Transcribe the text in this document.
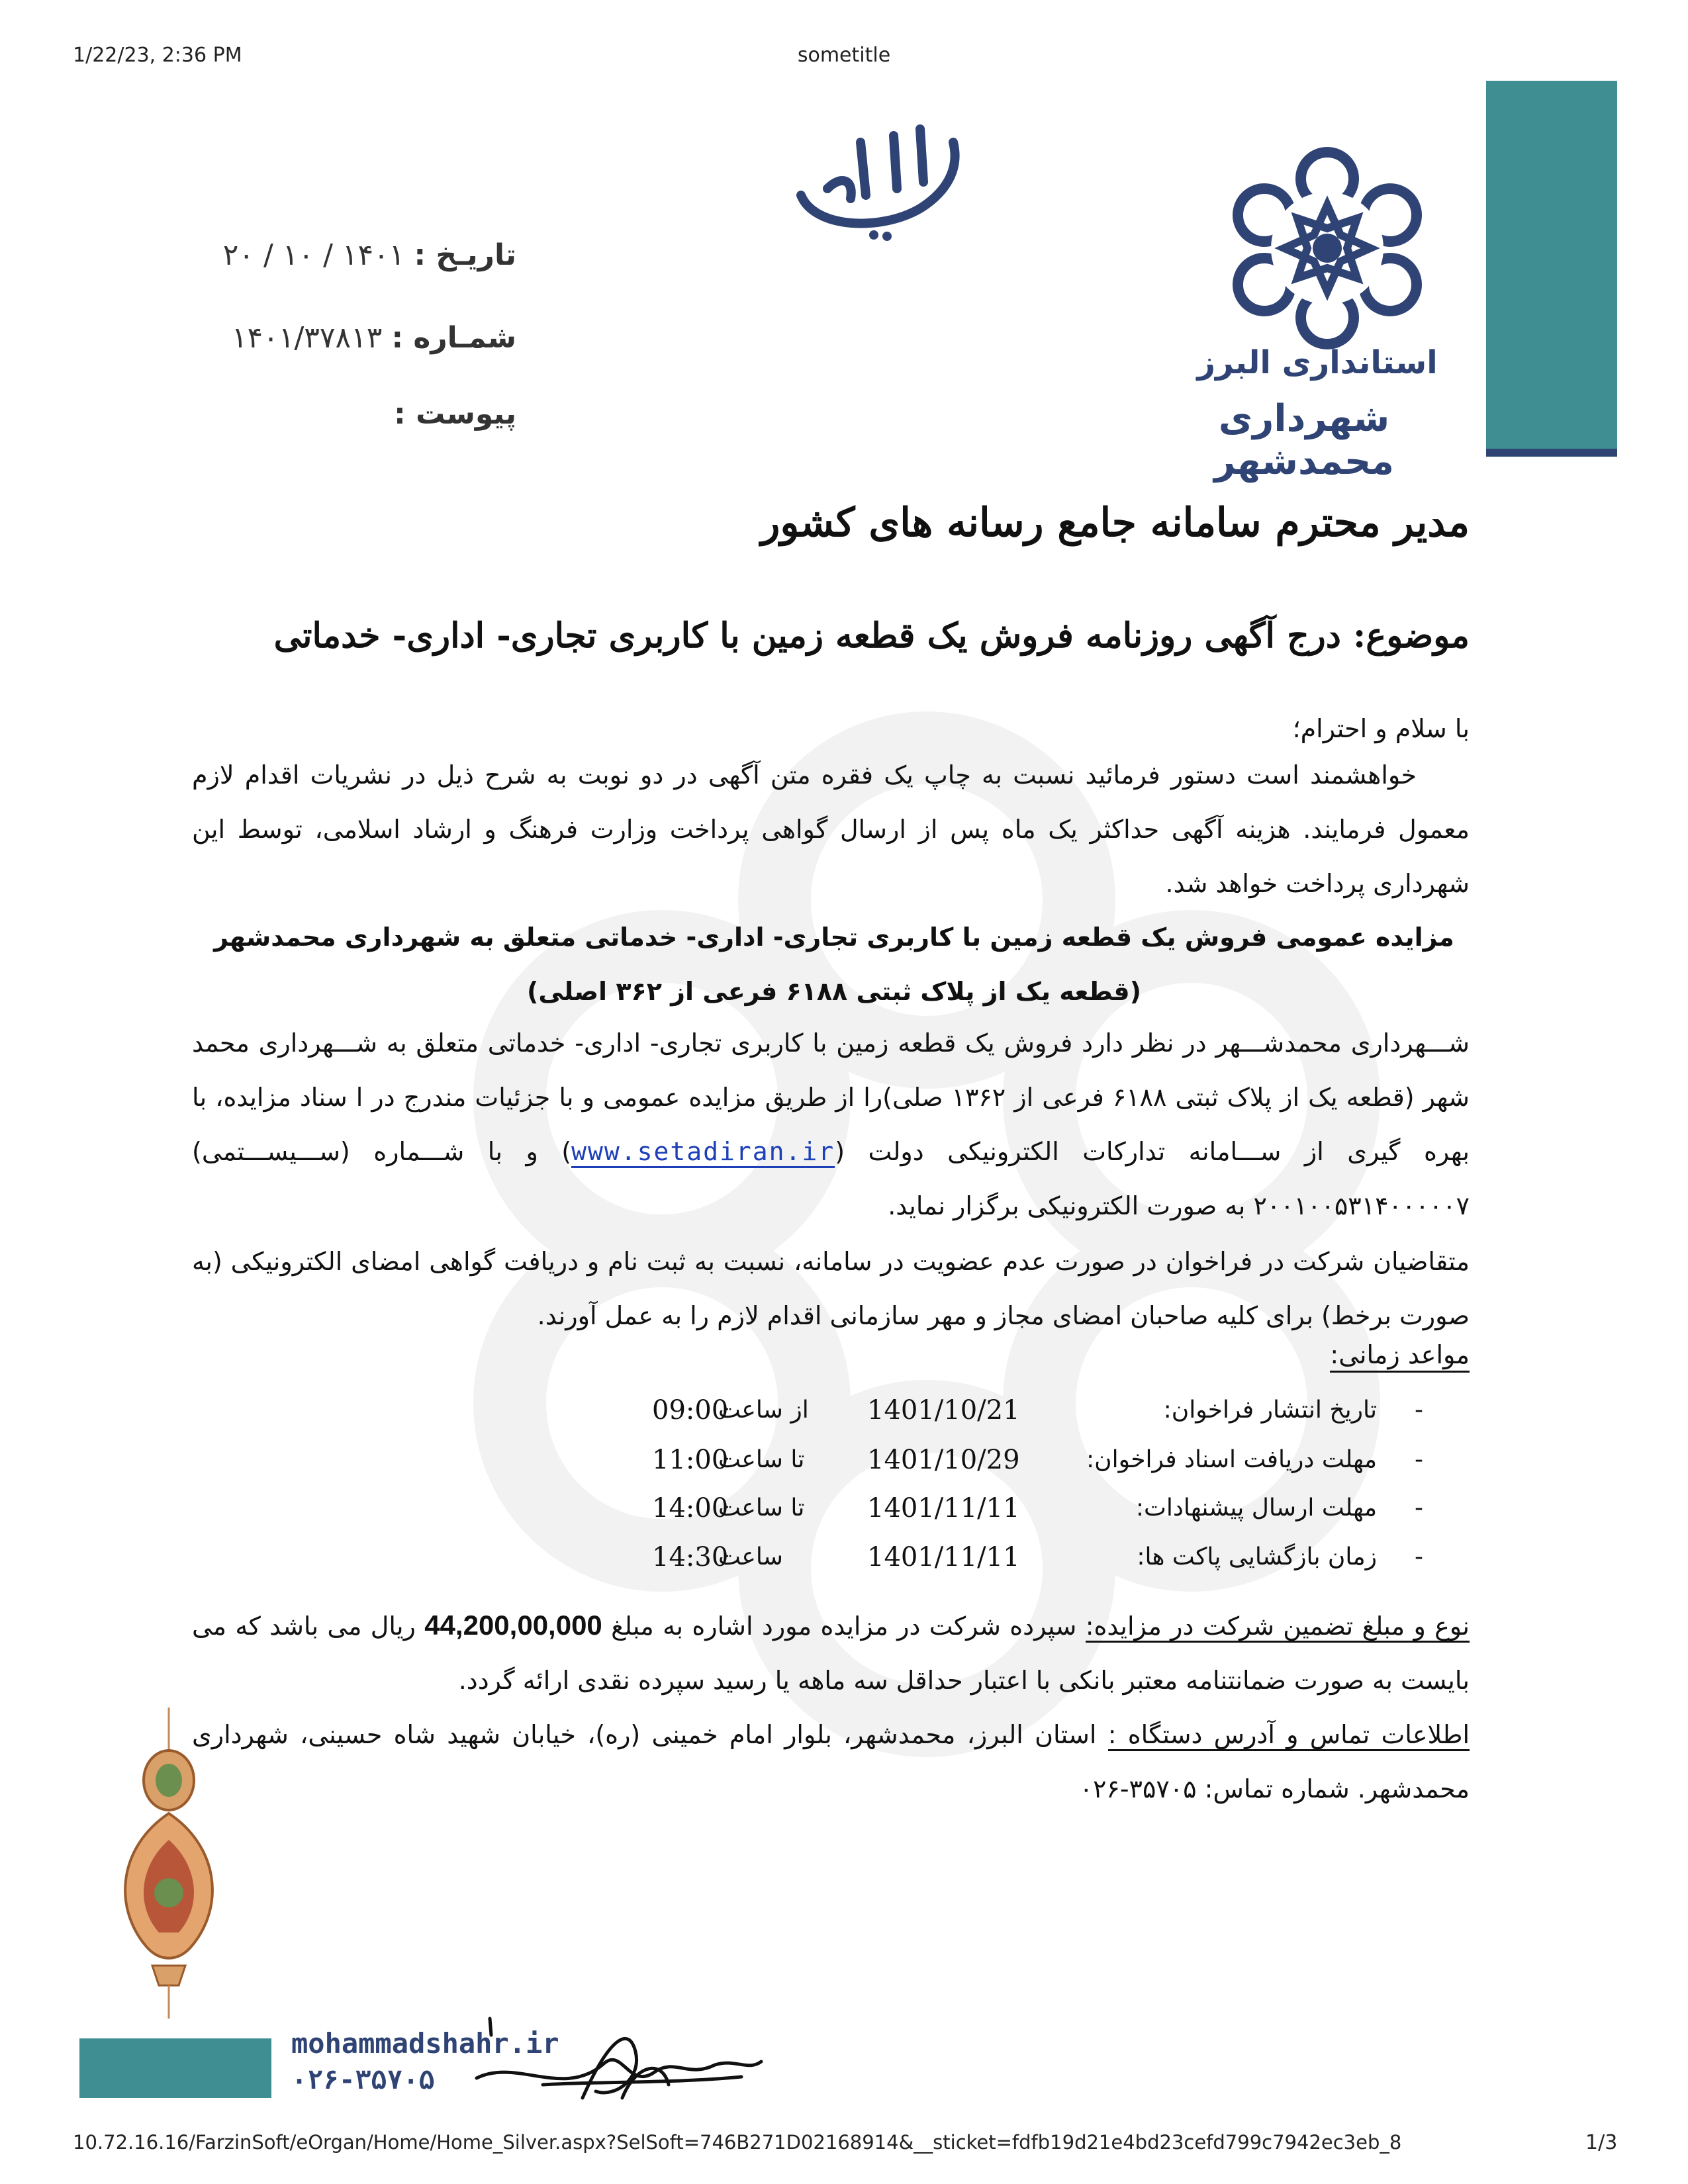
1/22/23, 2:36 PM	sometitle
10.72.16.16/FarzinSoft/eOrgan/Home/Home_Silver.aspx?SelSoft=746B271D02168914&__sticket=fdfb19d21e4bd23cefd799c7942ec3eb_8	1/3
استانداری البرز
شهرداری محمدشهر
یالطیف
تاریـخ : ۱۴۰۱ / ۱۰ / ۲۰
شمـاره : ۱۴۰۱/۳۷۸۱۳
پیوست :
مدیر محترم سامانه جامع رسانه های کشور
موضوع: درج آگهی روزنامه فروش یک قطعه زمین با کاربری تجاری- اداری- خدماتی
با سلام و احترام؛
خواهشمند است دستور فرمائید نسبت به چاپ یک فقره متن آگهی در دو نوبت به شرح ذیل در نشریات اقدام لازم معمول فرمایند. هزینه آگهی حداکثر یک ماه پس از ارسال گواهی پرداخت وزارت فرهنگ و ارشاد اسلامی، توسط این شهرداری پرداخت خواهد شد.
مزایده عمومی فروش یک قطعه زمین با کاربری تجاری- اداری- خدماتی متعلق به شهرداری محمدشهر (قطعه یک از پلاک ثبتی ۶۱۸۸ فرعی از ۳۶۲ اصلی)
شـــهرداری محمدشـــهر در نظر دارد فروش یک قطعه زمین با کاربری تجاری- اداری- خدماتی متعلق به شـــهرداری محمد شهر (قطعه یک از پلاک ثبتی ۶۱۸۸ فرعی از ۱۳۶۲ صلی)را از طریق مزایده عمومی و با جزئیات مندرج در ا سناد مزایده، با بهره گیری از ســـامانه تدارکات الکترونیکی دولت (www.setadiran.ir) و با شـــماره (ســـیســـتمی) ۲۰۰۱۰۰۵۳۱۴۰۰۰۰۰۷ به صورت الکترونیکی برگزار نماید.
متقاضیان شرکت در فراخوان در صورت عدم عضویت در سامانه، نسبت به ثبت نام و دریافت گواهی امضای الکترونیکی (به صورت برخط) برای کلیه صاحبان امضای مجاز و مهر سازمانی اقدام لازم را به عمل آورند.
مواعد زمانی:
-
تاریخ انتشار فراخوان:
1401/10/21
از ساعت
09:00
-
مهلت دریافت اسناد فراخوان:
1401/10/29
تا ساعت
11:00
-
مهلت ارسال پیشنهادات:
1401/11/11
تا ساعت
14:00
-
زمان بازگشایی پاکت ها:
1401/11/11
ساعت
14:30
نوع و مبلغ تضمین شرکت در مزایده: سپرده شرکت در مزایده مورد اشاره به مبلغ 44,200,00,000 ریال می باشد که می بایست به صورت ضمانتنامه معتبر بانکی با اعتبار حداقل سه ماهه یا رسید سپرده نقدی ارائه گردد.
اطلاعات تماس و آدرس دستگاه : استان البرز، محمدشهر، بلوار امام خمینی (ره)، خیابان شهید شاه حسینی، شهرداری محمدشهر. شماره تماس: ۳۵۷۰۵-۰۲۶
mohammadshahr.ir
۰۲۶-۳۵۷۰۵
